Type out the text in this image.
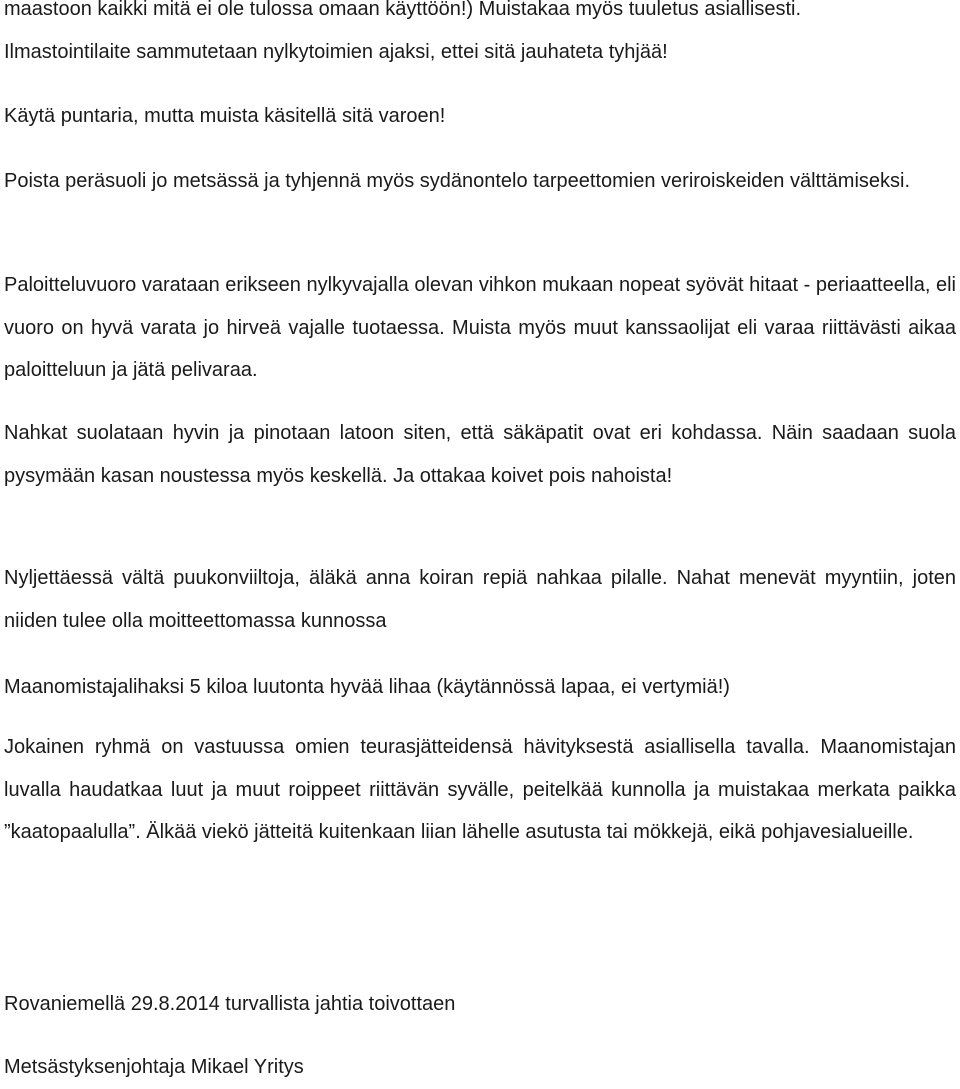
maastoon kaikki mitä ei ole tulossa omaan käyttöön!) Muistakaa myös tuuletus asiallisesti.
Ilmastointilaite sammutetaan nylkytoimien ajaksi, ettei sitä jauhateta tyhjää!

Käytä puntaria, mutta muista käsitellä sitä varoen!

Poista peräsuoli jo metsässä ja tyhjennä myös sydänontelo tarpeettomien veriroiskeiden välttämiseksi.

Paloitteluvuoro varataan erikseen nylkyvajalla olevan vihkon mukaan nopeat syövät hitaat - periaatteella, eli vuoro on hyvä varata jo hirveä vajalle tuotaessa. Muista myös muut kanssaolijat eli varaa riittävästi aikaa paloitteluun ja jätä pelivaraa.

Nahkat suolataan hyvin ja pinotaan latoon siten, että säkäpatit ovat eri kohdassa. Näin saadaan suola pysymään kasan noustessa myös keskellä. Ja ottakaa koivet pois nahoista!

Nyljettäessä vältä puukonviiltoja, äläkä anna koiran repiä nahkaa pilalle. Nahat menevät myyntiin, joten niiden tulee olla moitteettomassa kunnossa

Maanomistajalihaksi 5 kiloa luutonta hyvää lihaa (käytännössä lapaa, ei vertymiä!)

Jokainen ryhmä on vastuussa omien teurasjätteidensä hävityksestä asiallisella tavalla. Maanomistajan luvalla haudatkaa luut ja muut roippeet riittävän syvälle, peitelkää kunnolla ja muistakaa merkata paikka ”kaatopaalulla”. Älkää viekö jätteitä kuitenkaan liian lähelle asutusta tai mökkejä, eikä pohjavesialueille.

Rovaniemellä 29.8.2014 turvallista jahtia toivottaen

Metsästyksenjohtaja Mikael Yritys
